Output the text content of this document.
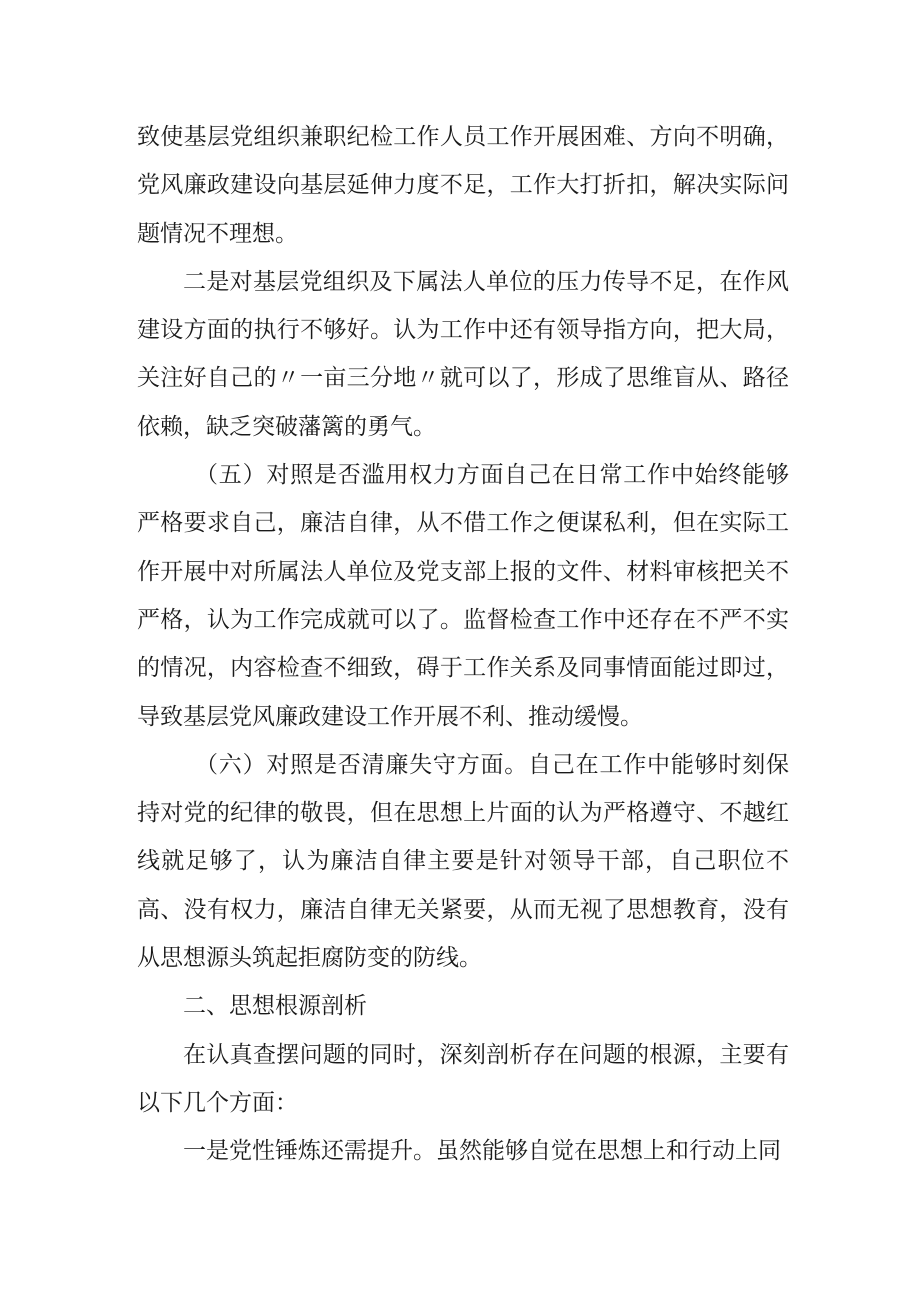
致使基层党组织兼职纪检工作人员工作开展困难、方向不明确，党风廉政建设向基层延伸力度不足，工作大打折扣，解决实际问题情况不理想。

二是对基层党组织及下属法人单位的压力传导不足，在作风建设方面的执行不够好。认为工作中还有领导指方向，把大局，关注好自己的〃一亩三分地〃就可以了，形成了思维盲从、路径依赖，缺乏突破藩篱的勇气。

（五）对照是否滥用权力方面自己在日常工作中始终能够严格要求自己，廉洁自律，从不借工作之便谋私利，但在实际工作开展中对所属法人单位及党支部上报的文件、材料审核把关不严格，认为工作完成就可以了。监督检查工作中还存在不严不实的情况，内容检查不细致，碍于工作关系及同事情面能过即过，导致基层党风廉政建设工作开展不利、推动缓慢。

（六）对照是否清廉失守方面。自己在工作中能够时刻保持对党的纪律的敬畏，但在思想上片面的认为严格遵守、不越红线就足够了，认为廉洁自律主要是针对领导干部，自己职位不高、没有权力，廉洁自律无关紧要，从而无视了思想教育，没有从思想源头筑起拒腐防变的防线。

二、思想根源剖析

在认真查摆问题的同时，深刻剖析存在问题的根源，主要有以下几个方面：

一是党性锤炼还需提升。虽然能够自觉在思想上和行动上同
